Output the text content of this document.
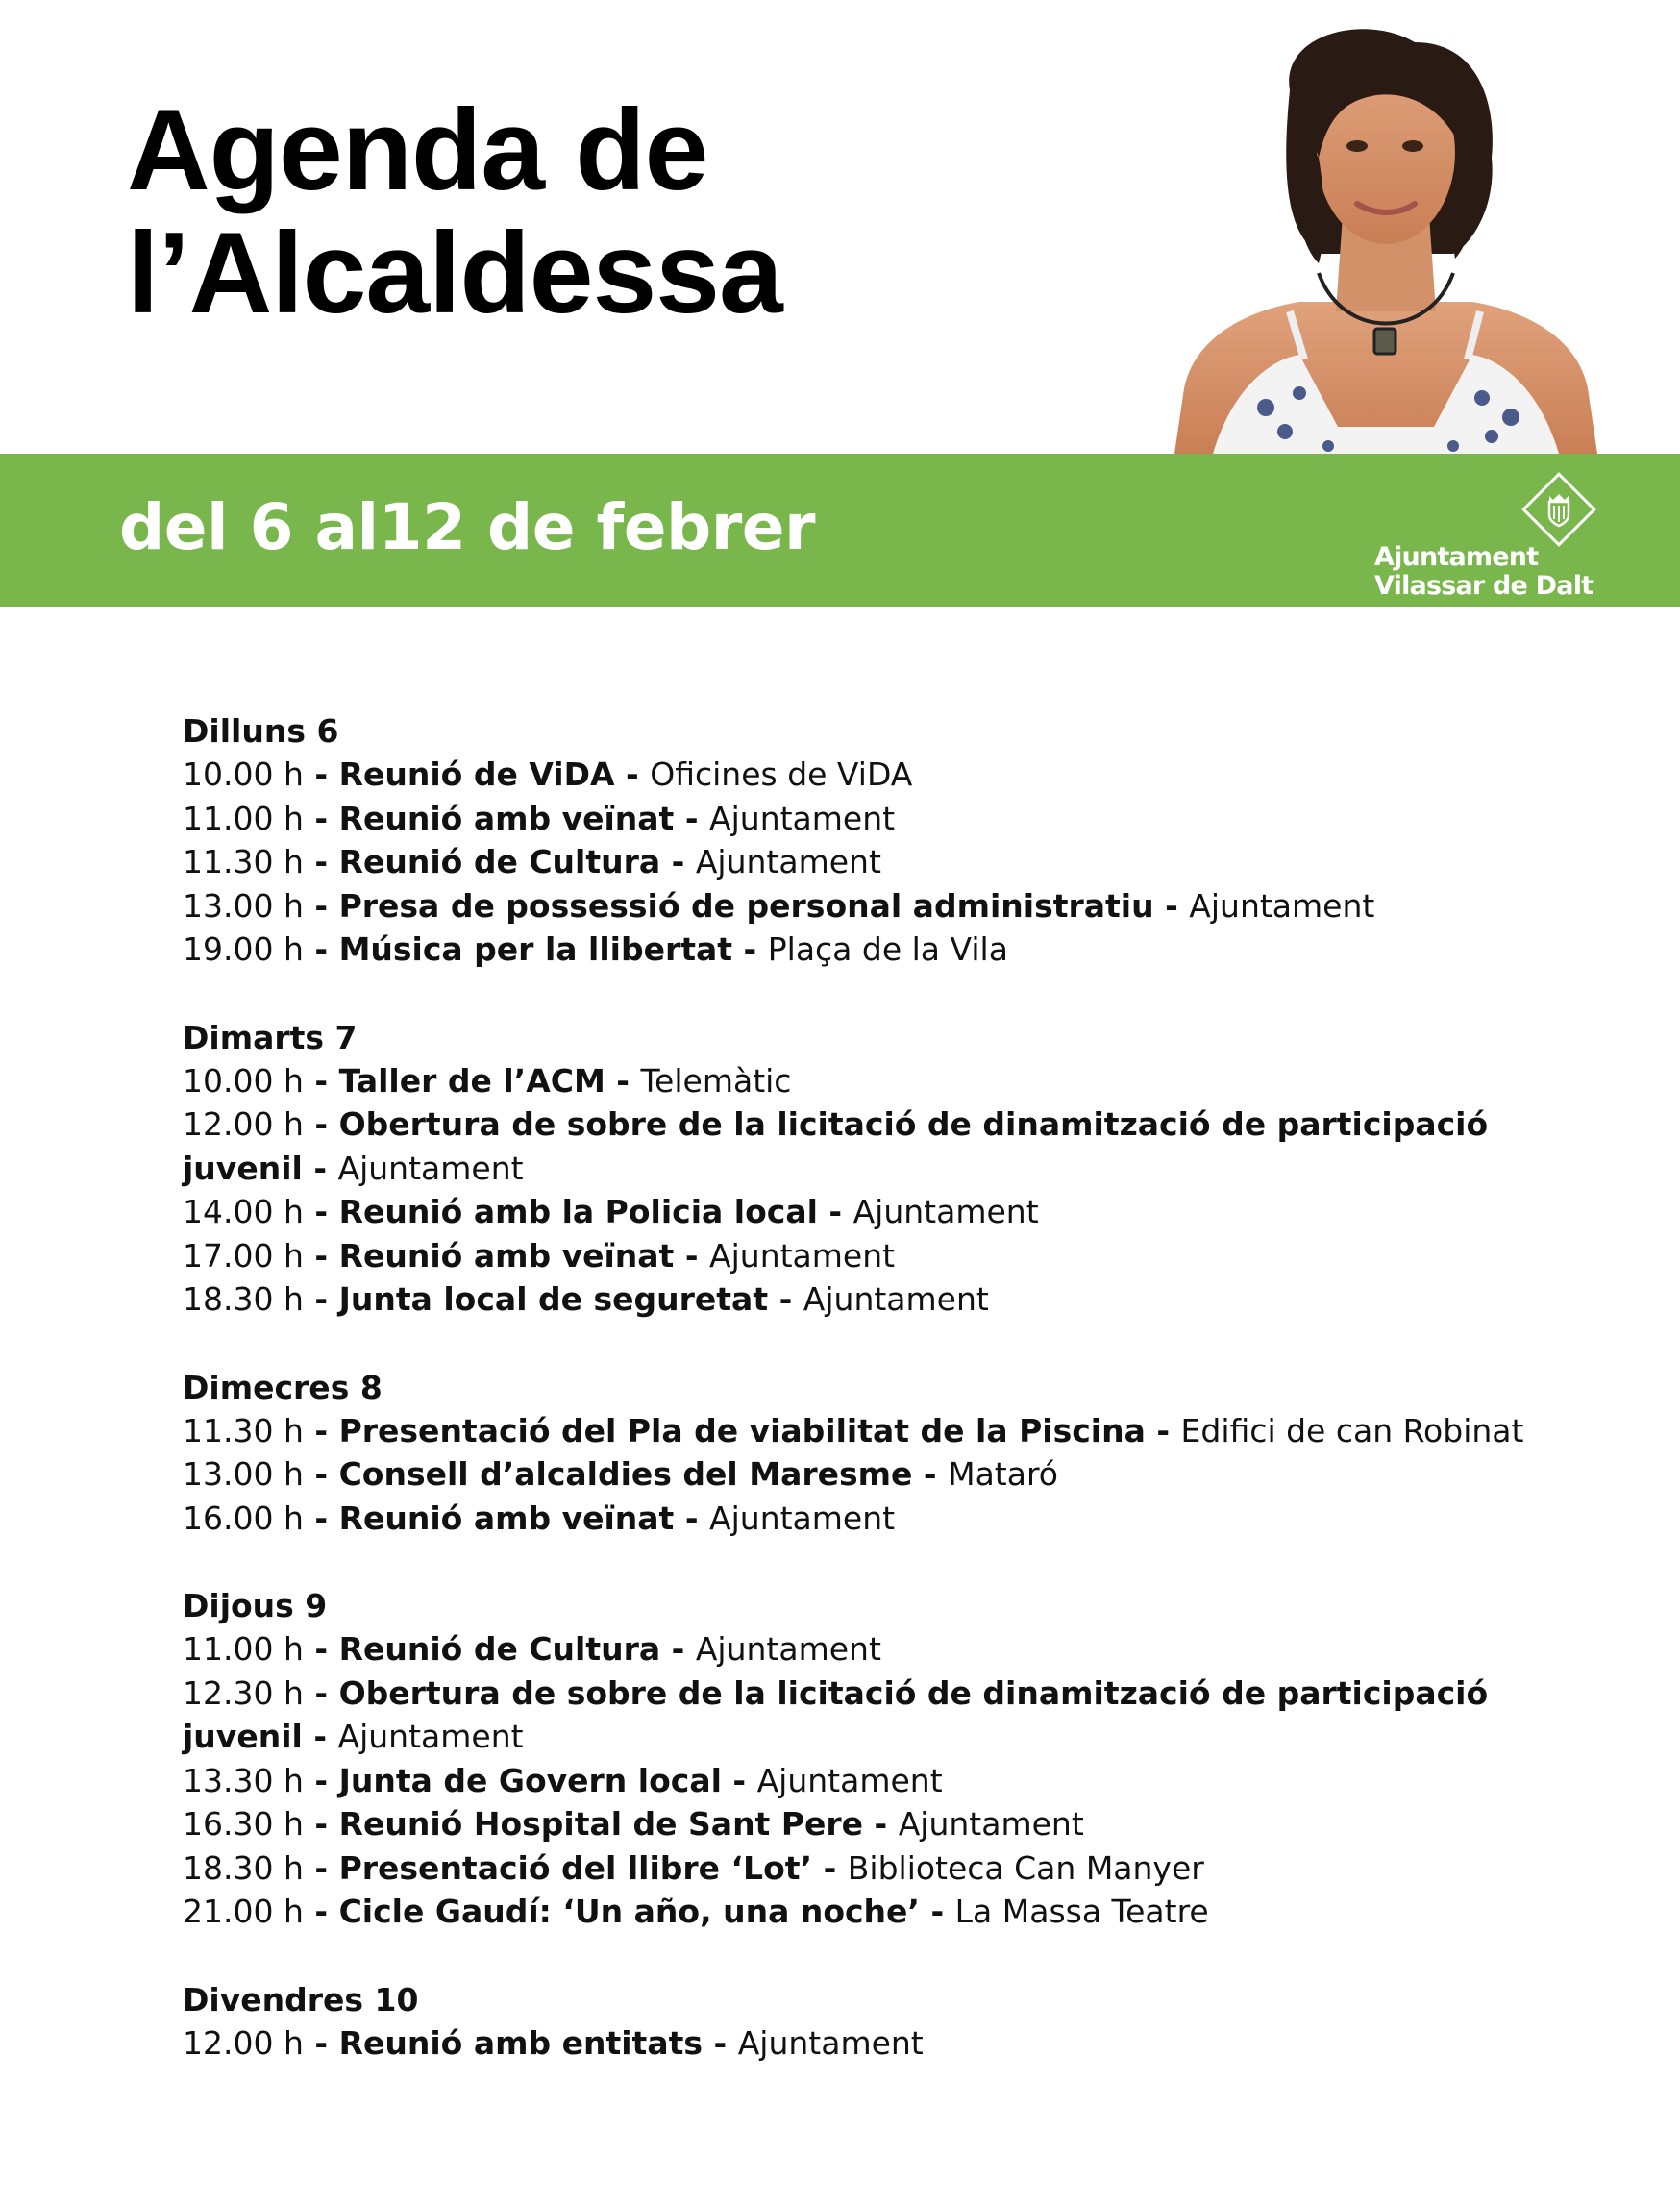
Agenda de
l’Alcaldessa

del 6 al12 de febrer	Ajuntament
Vilassar de Dalt

Dilluns 6

10.00 h - Reunió de ViDA - Oficines de ViDA

11.00 h - Reunió amb veïnat - Ajuntament

11.30 h - Reunió de Cultura - Ajuntament

13.00 h - Presa de possessió de personal administratiu - Ajuntament

19.00 h - Música per la llibertat - Plaça de la Vila

Dimarts 7

10.00 h - Taller de l’ACM - Telemàtic

12.00 h - Obertura de sobre de la licitació de dinamització de participació juvenil - Ajuntament

14.00 h - Reunió amb la Policia local - Ajuntament

17.00 h - Reunió amb veïnat - Ajuntament

18.30 h - Junta local de seguretat - Ajuntament

Dimecres 8

11.30 h - Presentació del Pla de viabilitat de la Piscina - Edifici de can Robinat

13.00 h - Consell d’alcaldies del Maresme - Mataró

16.00 h - Reunió amb veïnat - Ajuntament

Dijous 9

11.00 h - Reunió de Cultura - Ajuntament

12.30 h - Obertura de sobre de la licitació de dinamització de participació juvenil - Ajuntament

13.30 h - Junta de Govern local - Ajuntament

16.30 h - Reunió Hospital de Sant Pere - Ajuntament

18.30 h - Presentació del llibre ‘Lot’ - Biblioteca Can Manyer

21.00 h - Cicle Gaudí: ‘Un año, una noche’ - La Massa Teatre

Divendres 10

12.00 h - Reunió amb entitats - Ajuntament
